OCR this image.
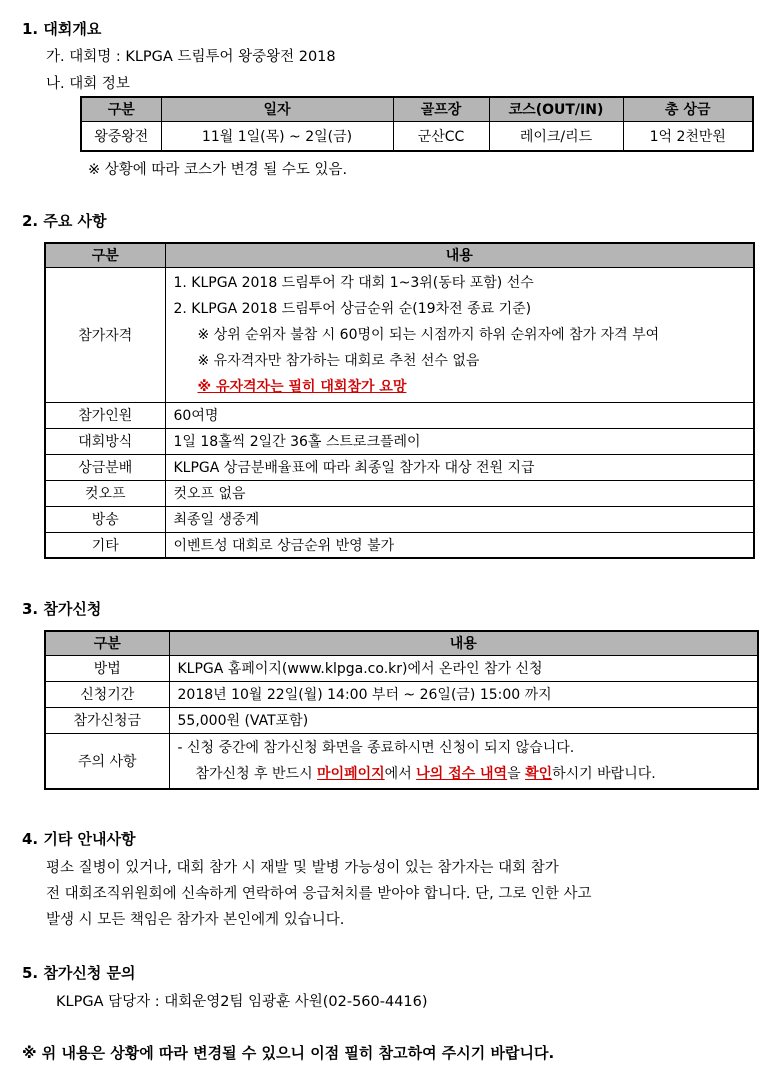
1. 대회개요
가. 대회명 : KLPGA 드림투어 왕중왕전 2018
나. 대회 정보
구분	일자	골프장	코스(OUT/IN)	총 상금
왕중왕전	11월 1일(목) ~ 2일(금)	군산CC	레이크/리드	1억 2천만원
※ 상황에 따라 코스가 변경 될 수도 있음.
2. 주요 사항
구분	내용
참가자격	1. KLPGA 2018 드림투어 각 대회 1~3위(동타 포함) 선수
2. KLPGA 2018 드림투어 상금순위 순(19차전 종료 기준)
※ 상위 순위자 불참 시 60명이 되는 시점까지 하위 순위자에 참가 자격 부여
※ 유자격자만 참가하는 대회로 추천 선수 없음
※ 유자격자는 필히 대회참가 요망

참가인원	60여명
대회방식	1일 18홀씩 2일간 36홀 스트로크플레이
상금분배	KLPGA 상금분배율표에 따라 최종일 참가자 대상 전원 지급
컷오프	컷오프 없음
방송	최종일 생중계
기타	이벤트성 대회로 상금순위 반영 불가
3. 참가신청
구분	내용
방법	KLPGA 홈페이지(www.klpga.co.kr)에서 온라인 참가 신청
신청기간	2018년 10월 22일(월) 14:00 부터 ~ 26일(금) 15:00 까지
참가신청금	55,000원 (VAT포함)
주의 사항	- 신청 중간에 참가신청 화면을 종료하시면 신청이 되지 않습니다.
참가신청 후 반드시 마이페이지에서 나의 접수 내역을 확인하시기 바랍니다.
4. 기타 안내사항
평소 질병이 있거나, 대회 참가 시 재발 및 발병 가능성이 있는 참가자는 대회 참가
전 대회조직위원회에 신속하게 연락하여 응급처치를 받아야 합니다. 단, 그로 인한 사고
발생 시 모든 책임은 참가자 본인에게 있습니다.
5. 참가신청 문의
KLPGA 담당자 : 대회운영2팀 임광훈 사원(02-560-4416)
※ 위 내용은 상황에 따라 변경될 수 있으니 이점 필히 참고하여 주시기 바랍니다.
